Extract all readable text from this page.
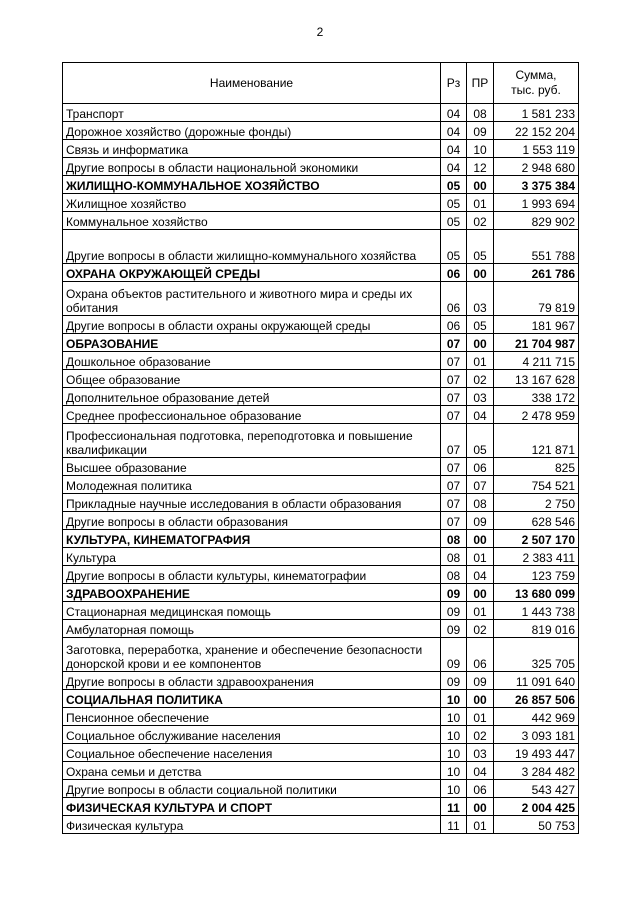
2
Наименование	Рз	ПР	Сумма,
тыс. руб.
Транспорт	04	08	1 581 233
Дорожное хозяйство (дорожные фонды)	04	09	22 152 204
Связь и информатика	04	10	1 553 119
Другие вопросы в области национальной экономики	04	12	2 948 680
ЖИЛИЩНО-КОММУНАЛЬНОЕ ХОЗЯЙСТВО	05	00	3 375 384
Жилищное хозяйство	05	01	1 993 694
Коммунальное хозяйство	05	02	829 902
Другие вопросы в области жилищно-коммунального хозяйства	05	05	551 788
ОХРАНА ОКРУЖАЮЩЕЙ СРЕДЫ	06	00	261 786
Охрана объектов растительного и животного мира и среды их обитания	06	03	79 819
Другие вопросы в области охраны окружающей среды	06	05	181 967
ОБРАЗОВАНИЕ	07	00	21 704 987
Дошкольное образование	07	01	4 211 715
Общее образование	07	02	13 167 628
Дополнительное образование детей	07	03	338 172
Среднее профессиональное образование	07	04	2 478 959
Профессиональная подготовка, переподготовка и повышение квалификации	07	05	121 871
Высшее образование	07	06	825
Молодежная политика	07	07	754 521
Прикладные научные исследования в области образования	07	08	2 750
Другие вопросы в области образования	07	09	628 546
КУЛЬТУРА, КИНЕМАТОГРАФИЯ	08	00	2 507 170
Культура	08	01	2 383 411
Другие вопросы в области культуры, кинематографии	08	04	123 759
ЗДРАВООХРАНЕНИЕ	09	00	13 680 099
Стационарная медицинская помощь	09	01	1 443 738
Амбулаторная помощь	09	02	819 016
Заготовка, переработка, хранение и обеспечение безопасности донорской крови и ее компонентов	09	06	325 705
Другие вопросы в области здравоохранения	09	09	11 091 640
СОЦИАЛЬНАЯ ПОЛИТИКА	10	00	26 857 506
Пенсионное обеспечение	10	01	442 969
Социальное обслуживание населения	10	02	3 093 181
Социальное обеспечение населения	10	03	19 493 447
Охрана семьи и детства	10	04	3 284 482
Другие вопросы в области социальной политики	10	06	543 427
ФИЗИЧЕСКАЯ КУЛЬТУРА И СПОРТ	11	00	2 004 425
Физическая культура	11	01	50 753
